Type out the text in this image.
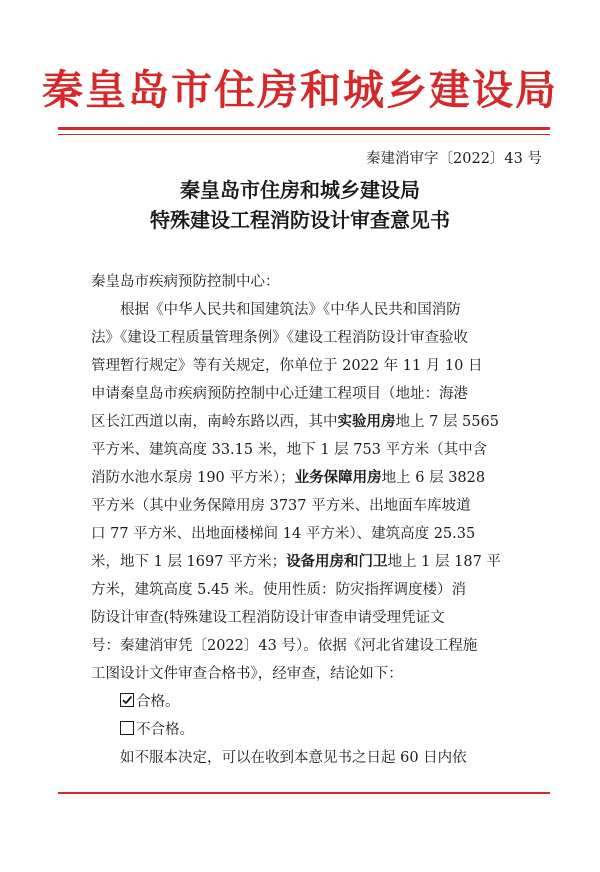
秦皇岛市住房和城乡建设局
秦建消审字〔2022〕43 号
秦皇岛市住房和城乡建设局
特殊建设工程消防设计审查意见书
秦皇岛市疾病预防控制中心：
根据《中华人民共和国建筑法》《中华人民共和国消防
法》《建设工程质量管理条例》《建设工程消防设计审查验收
管理暂行规定》等有关规定，你单位于 2022 年 11 月 10 日
申请秦皇岛市疾病预防控制中心迁建工程项目（地址：海港
区长江西道以南，南岭东路以西，其中实验用房地上 7 层 5565
平方米、建筑高度 33.15 米，地下 1 层 753 平方米（其中含
消防水池水泵房 190 平方米）；业务保障用房地上 6 层 3828
平方米（其中业务保障用房 3737 平方米、出地面车库坡道
口 77 平方米、出地面楼梯间 14 平方米）、建筑高度 25.35
米，地下 1 层 1697 平方米；设备用房和门卫地上 1 层 187 平
方米，建筑高度 5.45 米。使用性质：防灾指挥调度楼）消
防设计审查(特殊建设工程消防设计审查申请受理凭证文
号：秦建消审凭〔2022〕43 号）。依据《河北省建设工程施
工图设计文件审查合格书》，经审查，结论如下：
合格。
不合格。
如不服本决定，可以在收到本意见书之日起 60 日内依
